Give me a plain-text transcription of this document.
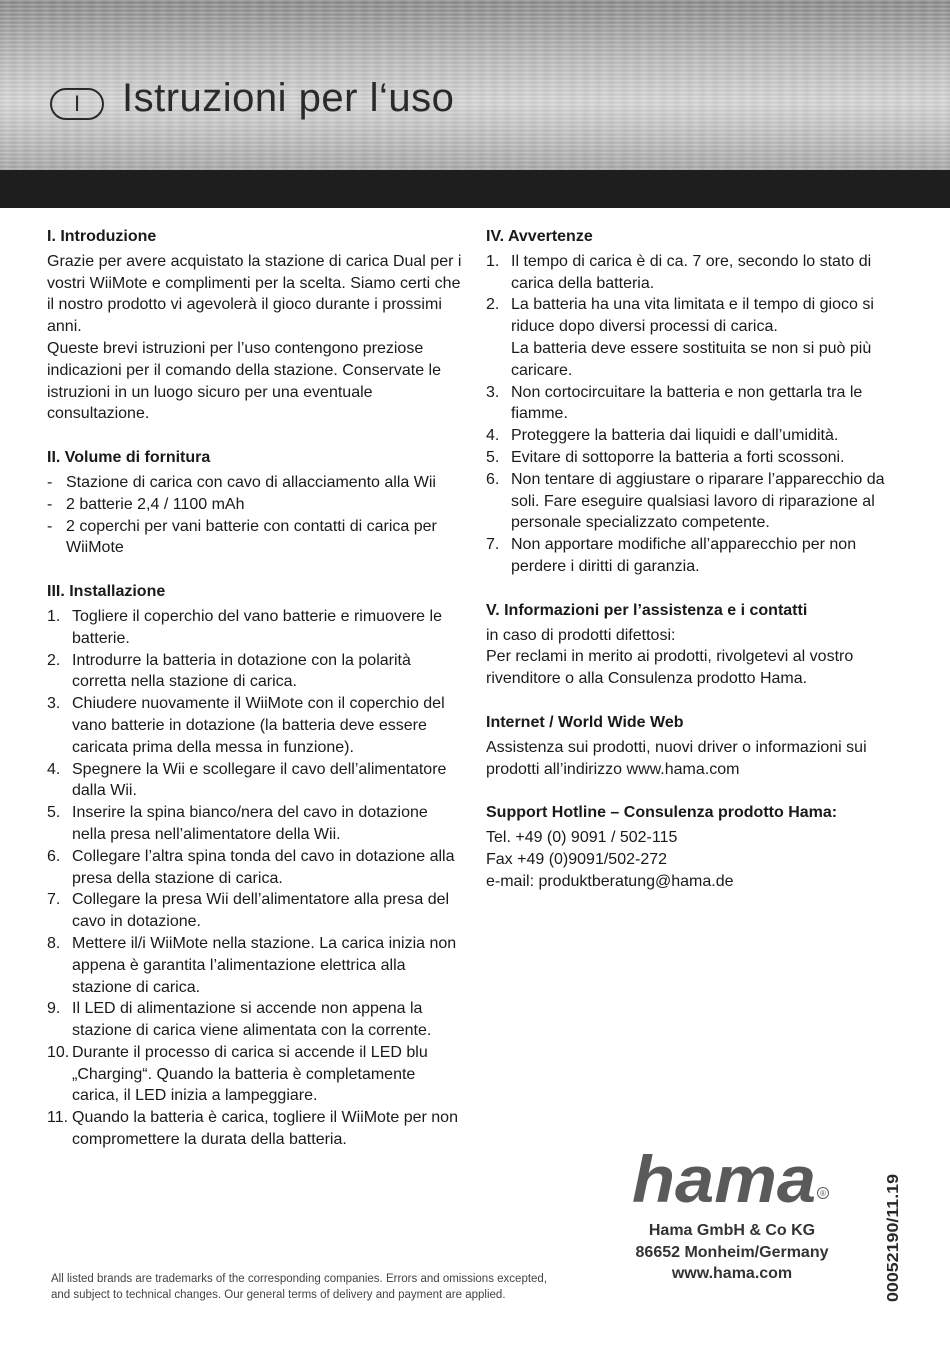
I	Istruzioni per l‘uso

I. Introduzione

Grazie per avere acquistato la stazione di carica Dual per i vostri WiiMote e complimenti per la scelta. Siamo certi che il nostro prodotto vi agevolerà il gioco durante i prossimi anni.

Queste brevi istruzioni per l’uso contengono preziose indicazioni per il comando della stazione. Conservate le istruzioni in un luogo sicuro per una eventuale consultazione.

II. Volume di fornitura

- Stazione di carica con cavo di allacciamento alla Wii
- 2 batterie 2,4 / 1100 mAh
- 2 coperchi per vani batterie con contatti di carica per WiiMote

III. Installazione

1. Togliere il coperchio del vano batterie e rimuovere le batterie.
2. Introdurre la batteria in dotazione con la polarità corretta nella stazione di carica.
3. Chiudere nuovamente il WiiMote con il coperchio del vano batterie in dotazione (la batteria deve essere caricata prima della messa in funzione).
4. Spegnere la Wii e scollegare il cavo dell’alimentatore dalla Wii.
5. Inserire la spina bianco/nera del cavo in dotazione nella presa nell’alimentatore della Wii.
6. Collegare l’altra spina tonda del cavo in dotazione alla presa della stazione di carica.
7. Collegare la presa Wii dell’alimentatore alla presa del cavo in dotazione.
8. Mettere il/i WiiMote nella stazione. La carica inizia non appena è garantita l’alimentazione elettrica alla stazione di carica.
9. Il LED di alimentazione si accende non appena la stazione di carica viene alimentata con la corrente.
10. Durante il processo di carica si accende il LED blu „Charging“. Quando la batteria è completamente carica, il LED inizia a lampeggiare.
11. Quando la batteria è carica, togliere il WiiMote per non compromettere la durata della batteria.

IV. Avvertenze

1. Il tempo di carica è di ca. 7 ore, secondo lo stato di carica della batteria.
2. La batteria ha una vita limitata e il tempo di gioco si riduce dopo diversi processi di carica.
La batteria deve essere sostituita se non si può più caricare.
3. Non cortocircuitare la batteria e non gettarla tra le fiamme.
4. Proteggere la batteria dai liquidi e dall’umidità.
5. Evitare di sottoporre la batteria a forti scossoni.
6. Non tentare di aggiustare o riparare l’apparecchio da soli. Fare eseguire qualsiasi lavoro di riparazione al personale specializzato competente.
7. Non apportare modifiche all’apparecchio per non perdere i diritti di garanzia.

V. Informazioni per l’assistenza e i contatti

in caso di prodotti difettosi:

Per reclami in merito ai prodotti, rivolgetevi al vostro rivenditore o alla Consulenza prodotto Hama.

Internet / World Wide Web

Assistenza sui prodotti, nuovi driver o informazioni sui prodotti all’indirizzo www.hama.com

Support Hotline – Consulenza prodotto Hama:

Tel. +49 (0) 9091 / 502-115

Fax +49 (0)9091/502-272

e-mail: produktberatung@hama.de

hama ®
Hama GmbH & Co KG
86652 Monheim/Germany
www.hama.com	00052190/11.19
All listed brands are trademarks of the corresponding companies. Errors and omissions excepted,
and subject to technical changes. Our general terms of delivery and payment are applied.
